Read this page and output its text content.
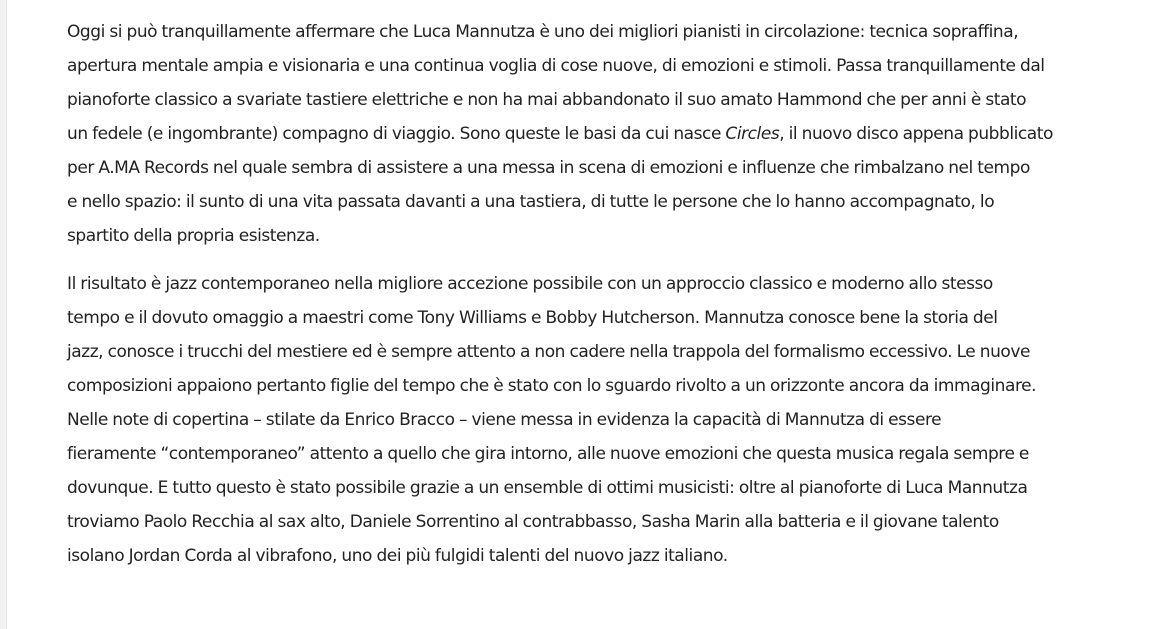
Oggi si può tranquillamente affermare che Luca Mannutza è uno dei migliori pianisti in circolazione: tecnica sopraffina,
apertura mentale ampia e visionaria e una continua voglia di cose nuove, di emozioni e stimoli. Passa tranquillamente dal
pianoforte classico a svariate tastiere elettriche e non ha mai abbandonato il suo amato Hammond che per anni è stato
un fedele (e ingombrante) compagno di viaggio. Sono queste le basi da cui nasce Circles, il nuovo disco appena pubblicato
per A.MA Records nel quale sembra di assistere a una messa in scena di emozioni e influenze che rimbalzano nel tempo
e nello spazio: il sunto di una vita passata davanti a una tastiera, di tutte le persone che lo hanno accompagnato, lo
spartito della propria esistenza.

Il risultato è jazz contemporaneo nella migliore accezione possibile con un approccio classico e moderno allo stesso
tempo e il dovuto omaggio a maestri come Tony Williams e Bobby Hutcherson. Mannutza conosce bene la storia del
jazz, conosce i trucchi del mestiere ed è sempre attento a non cadere nella trappola del formalismo eccessivo. Le nuove
composizioni appaiono pertanto figlie del tempo che è stato con lo sguardo rivolto a un orizzonte ancora da immaginare.
Nelle note di copertina – stilate da Enrico Bracco – viene messa in evidenza la capacità di Mannutza di essere
fieramente “contemporaneo” attento a quello che gira intorno, alle nuove emozioni che questa musica regala sempre e
dovunque. E tutto questo è stato possibile grazie a un ensemble di ottimi musicisti: oltre al pianoforte di Luca Mannutza
troviamo Paolo Recchia al sax alto, Daniele Sorrentino al contrabbasso, Sasha Marin alla batteria e il giovane talento
isolano Jordan Corda al vibrafono, uno dei più fulgidi talenti del nuovo jazz italiano.
